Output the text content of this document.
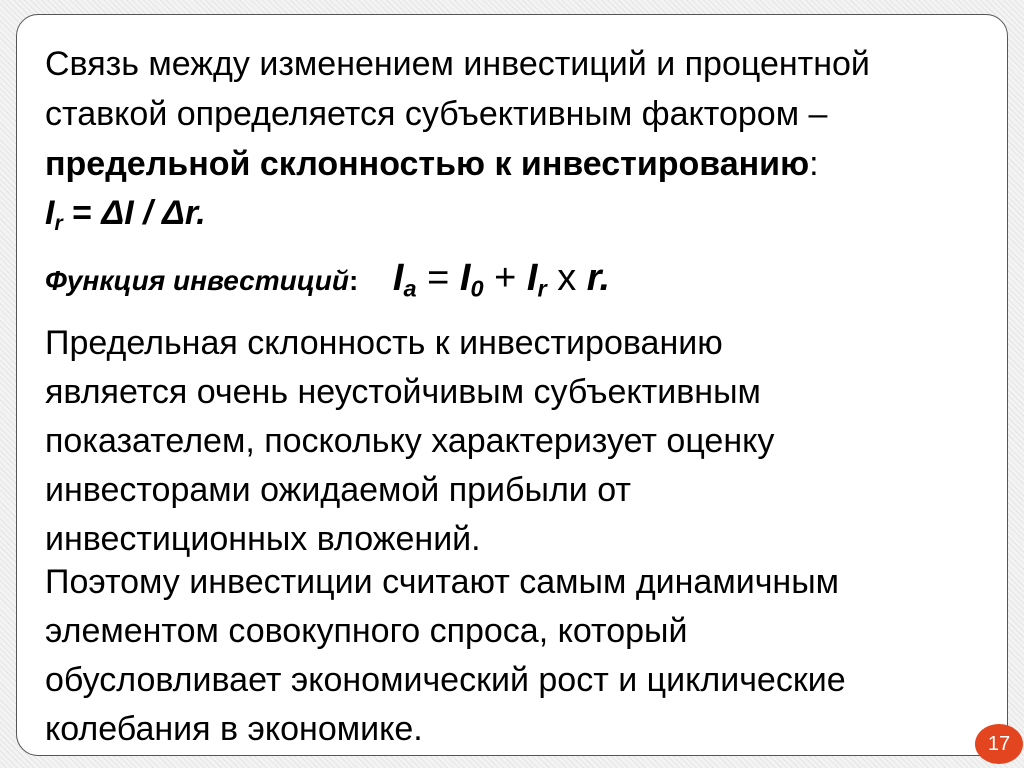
Связь между изменением инвестиций и процентной
ставкой определяется субъективным фактором –
предельной склонностью к инвестированию:
$I_r = \Delta I / \Delta r$.
Функция инвестиций: $I_a = I_0 + I_r$ x r.
Предельная склонность к инвестированию
является очень неустойчивым субъективным
показателем, поскольку характеризует оценку
инвесторами ожидаемой прибыли от
инвестиционных вложений.
Поэтому инвестиции считают самым динамичным
элементом совокупного спроса, который
обусловливает экономический рост и циклические
колебания в экономике.	17
